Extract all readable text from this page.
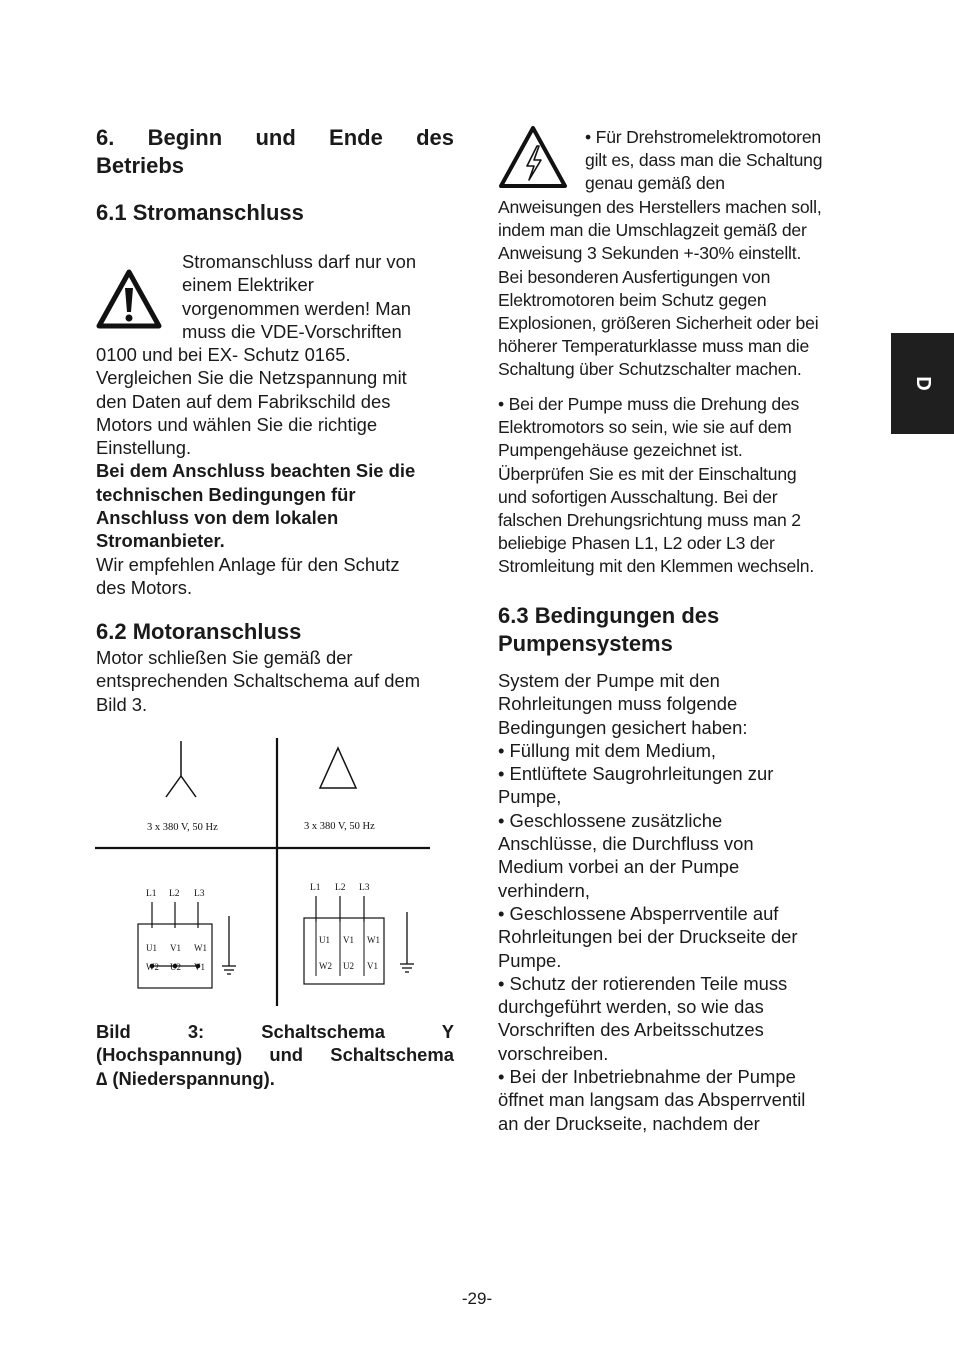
6. Beginn und Ende des
Betriebs
6.1 Stromanschluss
Stromanschluss darf nur von
einem Elektriker
vorgenommen werden! Man
muss die VDE-Vorschriften
0100 und bei EX- Schutz 0165.
Vergleichen Sie die Netzspannung mit
den Daten auf dem Fabrikschild des
Motors und wählen Sie die richtige
Einstellung.
Bei dem Anschluss beachten Sie die
technischen Bedingungen für
Anschluss von dem lokalen
Stromanbieter.
Wir empfehlen Anlage für den Schutz
des Motors.
6.2 Motoranschluss
Motor schließen Sie gemäß der
entsprechenden Schaltschema auf dem
Bild 3.
3 x 380 V, 50 Hz	3 x 380 V, 50 Hz
L1 L2 L3
L1 L2 L3
U1 V1 W1
W2 U2 V1
U1 V1 W1
W2 U2 V1
Bild 3: Schaltschema Y
(Hochspannung) und Schaltschema
∆ (Niederspannung).
• Für Drehstromelektromotoren
gilt es, dass man die Schaltung
genau gemäß den
Anweisungen des Herstellers machen soll,
indem man die Umschlagzeit gemäß der
Anweisung 3 Sekunden +-30% einstellt.
Bei besonderen Ausfertigungen von
Elektromotoren beim Schutz gegen
Explosionen, größeren Sicherheit oder bei
höherer Temperaturklasse muss man die
Schaltung über Schutzschalter machen.
• Bei der Pumpe muss die Drehung des
Elektromotors so sein, wie sie auf dem
Pumpengehäuse gezeichnet ist.
Überprüfen Sie es mit der Einschaltung
und sofortigen Ausschaltung. Bei der
falschen Drehungsrichtung muss man 2
beliebige Phasen L1, L2 oder L3 der
Stromleitung mit den Klemmen wechseln.
6.3 Bedingungen des
Pumpensystems
System der Pumpe mit den
Rohrleitungen muss folgende
Bedingungen gesichert haben:
• Füllung mit dem Medium,
• Entlüftete Saugrohrleitungen zur
Pumpe,
• Geschlossene zusätzliche
Anschlüsse, die Durchfluss von
Medium vorbei an der Pumpe
verhindern,
• Geschlossene Absperrventile auf
Rohrleitungen bei der Druckseite der
Pumpe.
• Schutz der rotierenden Teile muss
durchgeführt werden, so wie das
Vorschriften des Arbeitsschutzes
vorschreiben.
• Bei der Inbetriebnahme der Pumpe
öffnet man langsam das Absperrventil
an der Druckseite, nachdem der
D
-29-
